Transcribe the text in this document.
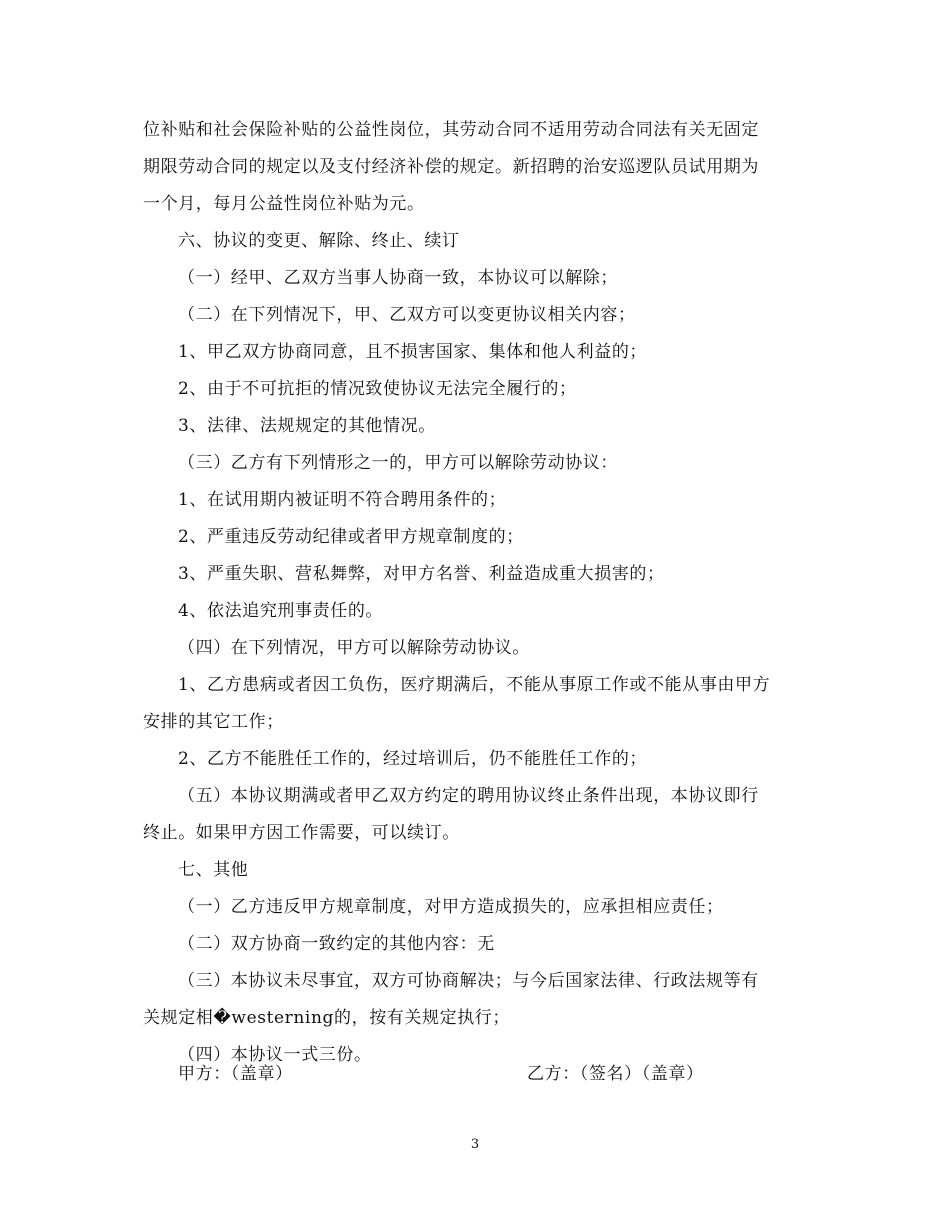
位补贴和社会保险补贴的公益性岗位，其劳动合同不适用劳动合同法有关无固定
期限劳动合同的规定以及支付经济补偿的规定。新招聘的治安巡逻队员试用期为
一个月，每月公益性岗位补贴为元。
六、协议的变更、解除、终止、续订
（一）经甲、乙双方当事人协商一致，本协议可以解除；
（二）在下列情况下，甲、乙双方可以变更协议相关内容；
1、甲乙双方协商同意，且不损害国家、集体和他人利益的；
2、由于不可抗拒的情况致使协议无法完全履行的；
3、法律、法规规定的其他情况。
（三）乙方有下列情形之一的，甲方可以解除劳动协议：
1、在试用期内被证明不符合聘用条件的；
2、严重违反劳动纪律或者甲方规章制度的；
3、严重失职、营私舞弊，对甲方名誉、利益造成重大损害的；
4、依法追究刑事责任的。
（四）在下列情况，甲方可以解除劳动协议。
1、乙方患病或者因工负伤，医疗期满后，不能从事原工作或不能从事由甲方
安排的其它工作；
2、乙方不能胜任工作的，经过培训后，仍不能胜任工作的；
（五）本协议期满或者甲乙双方约定的聘用协议终止条件出现，本协议即行
终止。如果甲方因工作需要，可以续订。
七、其他
（一）乙方违反甲方规章制度，对甲方造成损失的，应承担相应责任；
（二）双方协商一致约定的其他内容：无
（三）本协议未尽事宜，双方可协商解决；与今后国家法律、行政法规等有
关规定相�westerning的，按有关规定执行；
（四）本协议一式三份。
甲方：（盖章）	乙方：（签名）（盖章）
3
